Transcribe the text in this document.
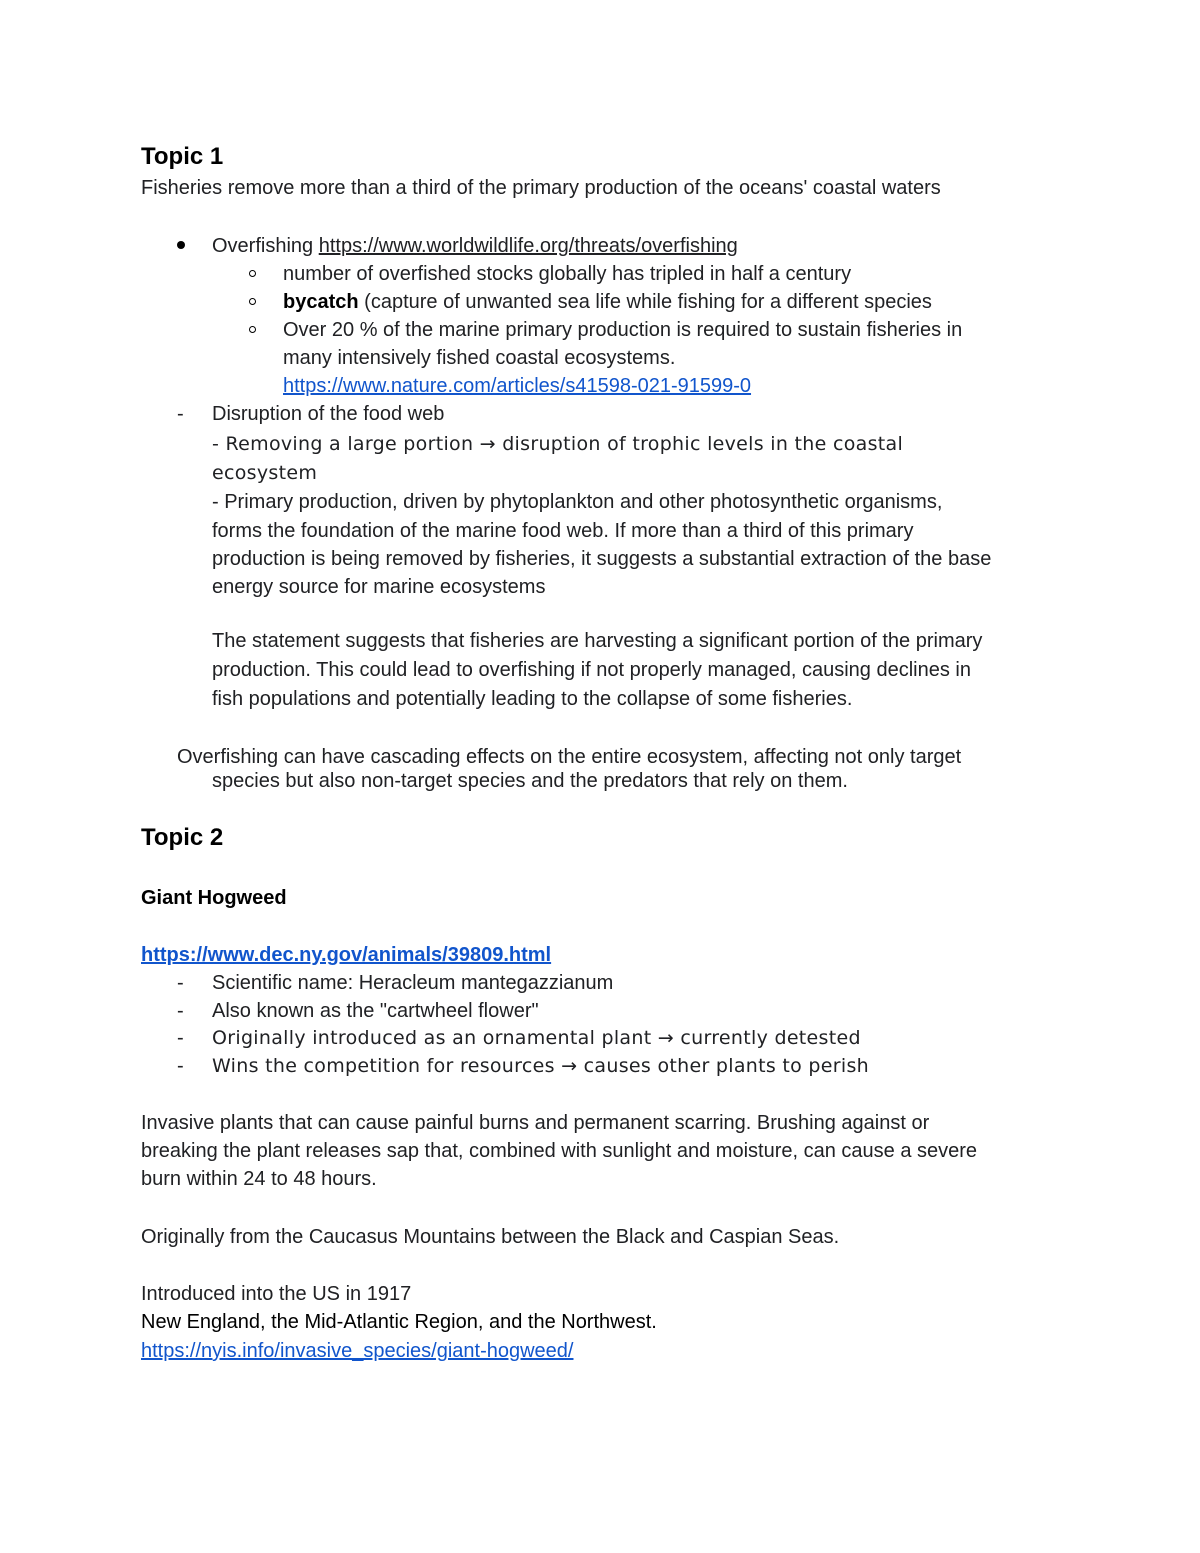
Topic 1
Fisheries remove more than a third of the primary production of the oceans' coastal waters
Overfishing https://www.worldwildlife.org/threats/overfishing
number of overfished stocks globally has tripled in half a century
bycatch (capture of unwanted sea life while fishing for a different species
Over 20 % of the marine primary production is required to sustain fisheries in
many intensively fished coastal ecosystems.
https://www.nature.com/articles/s41598-021-91599-0
- Disruption of the food web
- Removing a large portion → disruption of trophic levels in the coastal
ecosystem
- Primary production, driven by phytoplankton and other photosynthetic organisms,
forms the foundation of the marine food web. If more than a third of this primary
production is being removed by fisheries, it suggests a substantial extraction of the base
energy source for marine ecosystems
The statement suggests that fisheries are harvesting a significant portion of the primary
production. This could lead to overfishing if not properly managed, causing declines in
fish populations and potentially leading to the collapse of some fisheries.
Overfishing can have cascading effects on the entire ecosystem, affecting not only target
species but also non-target species and the predators that rely on them.
Topic 2
Giant Hogweed
https://www.dec.ny.gov/animals/39809.html
- Scientific name: Heracleum mantegazzianum
- Also known as the "cartwheel flower"
- Originally introduced as an ornamental plant → currently detested
- Wins the competition for resources → causes other plants to perish
Invasive plants that can cause painful burns and permanent scarring. Brushing against or
breaking the plant releases sap that, combined with sunlight and moisture, can cause a severe
burn within 24 to 48 hours.
Originally from the Caucasus Mountains between the Black and Caspian Seas.
Introduced into the US in 1917
New England, the Mid-Atlantic Region, and the Northwest.
https://nyis.info/invasive_species/giant-hogweed/
